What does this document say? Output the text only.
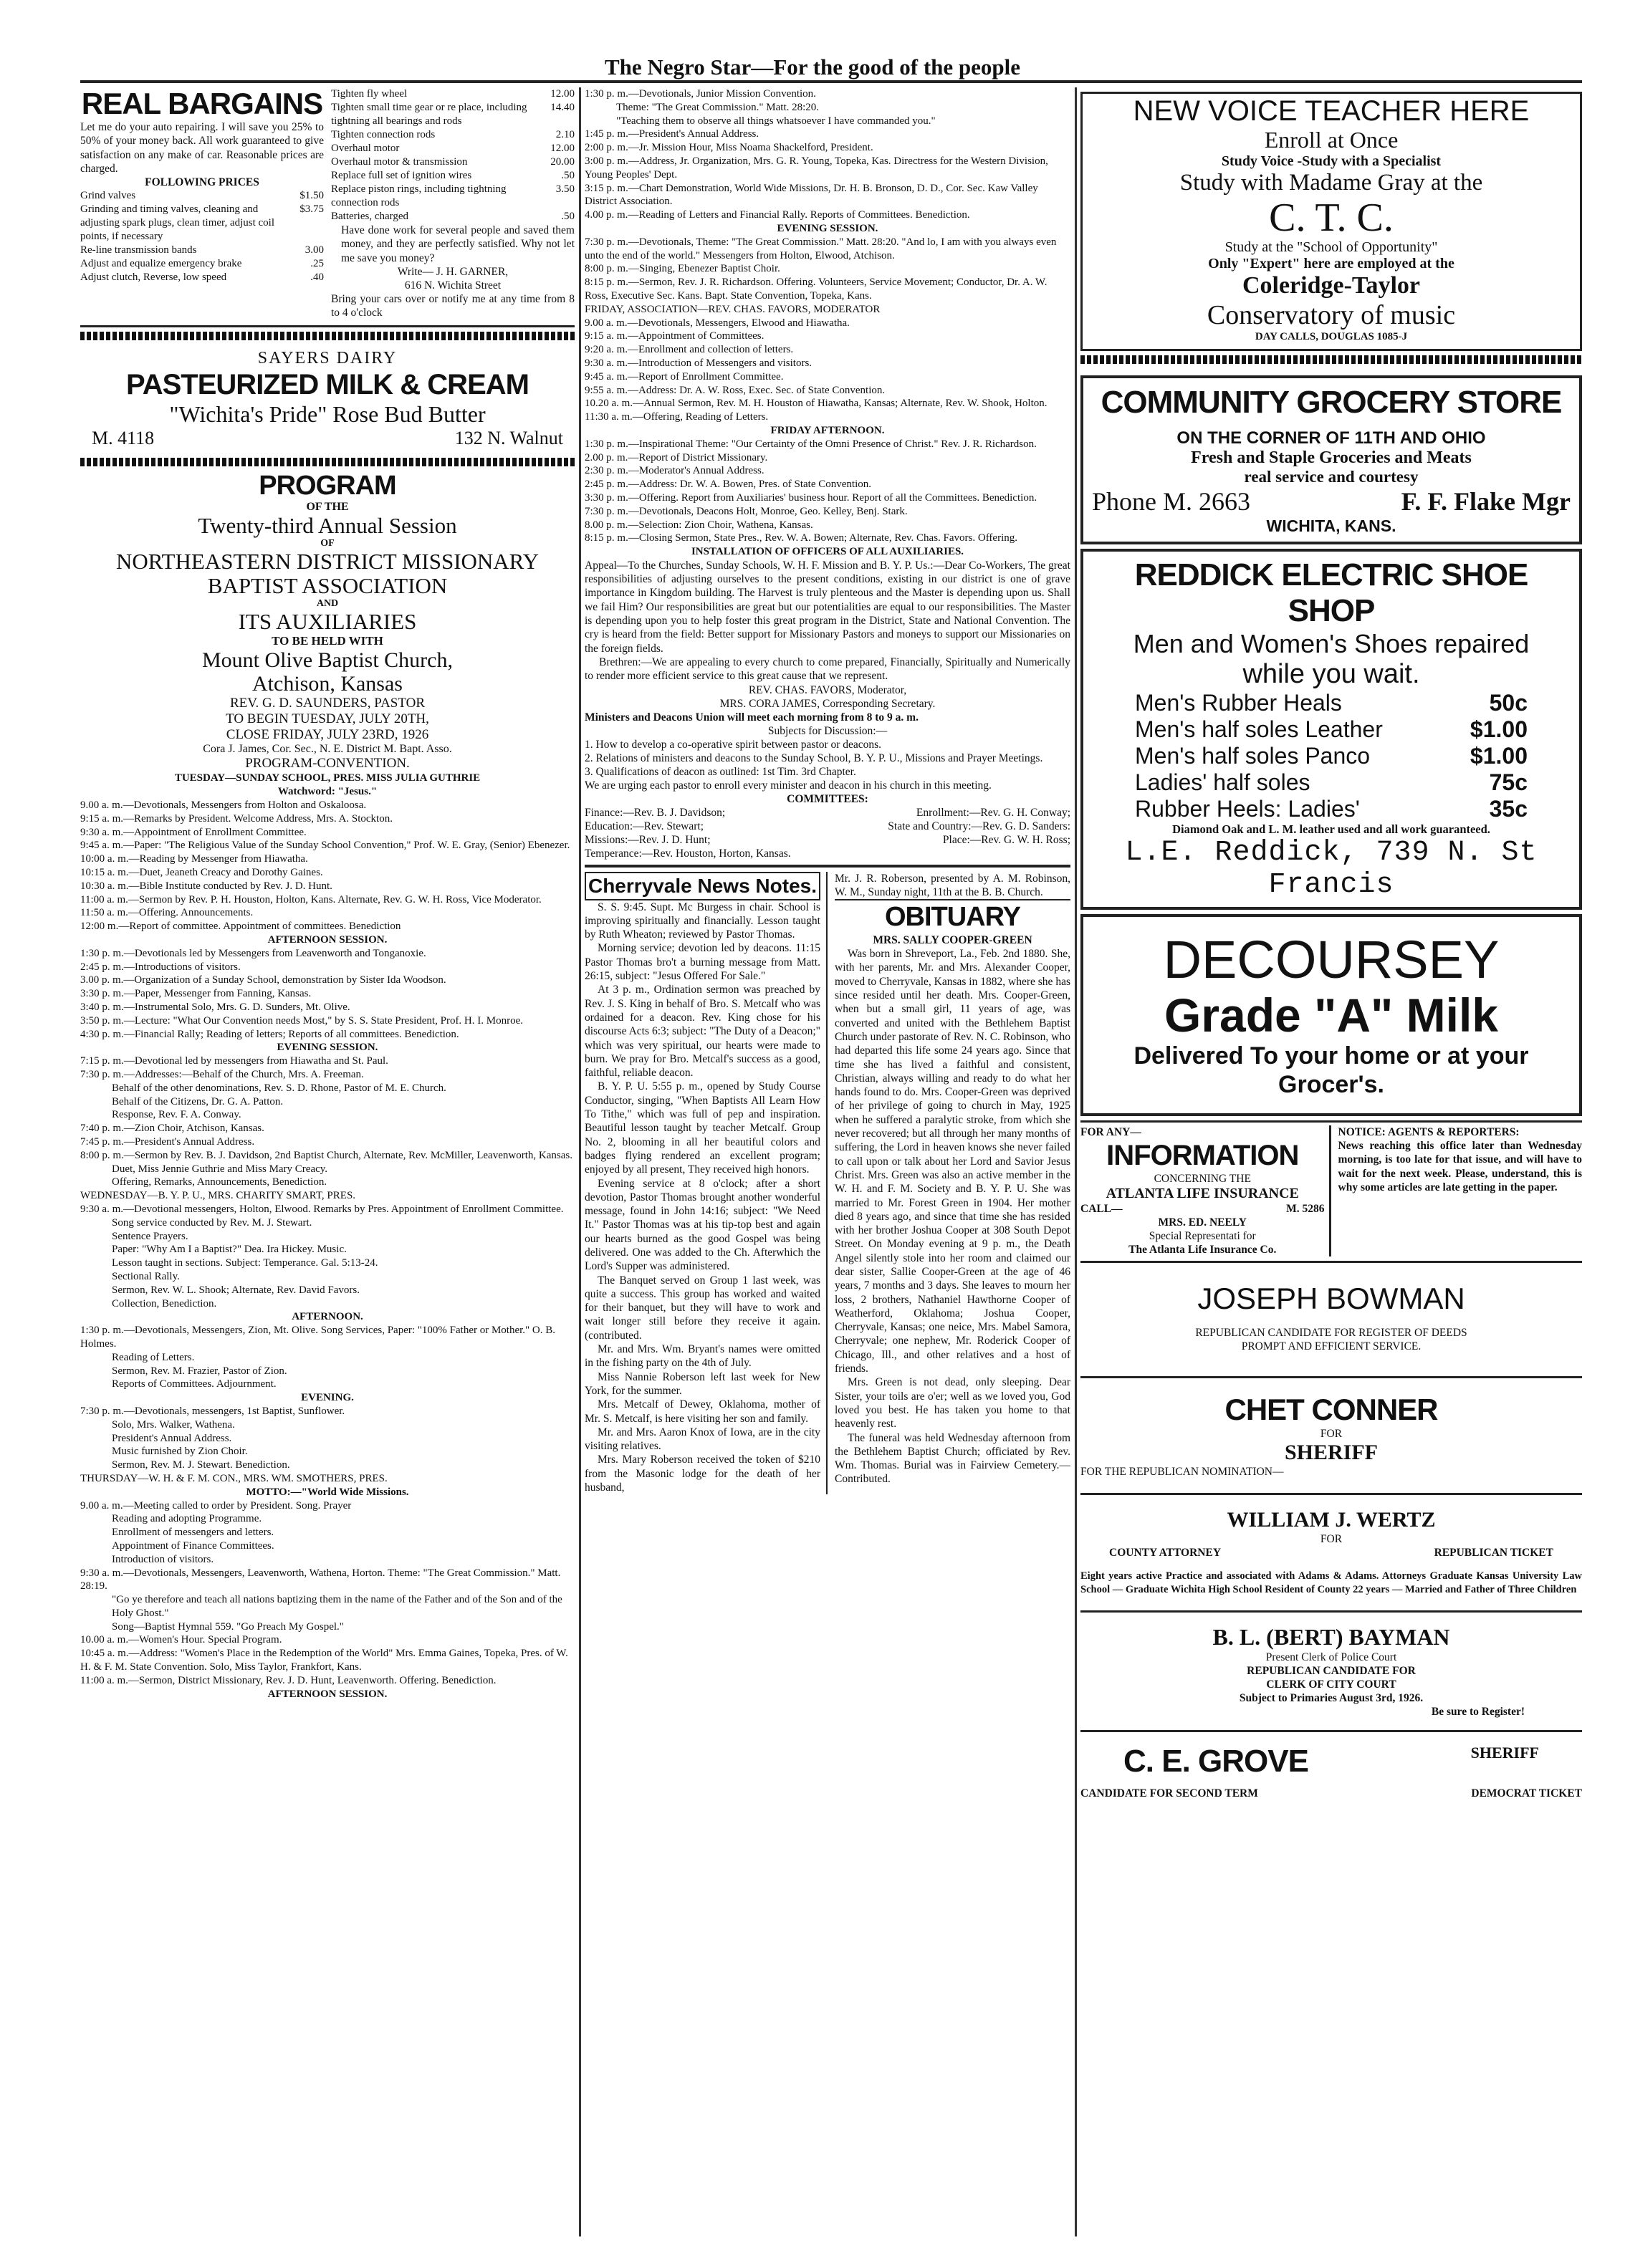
The Negro Star—For the good of the people
REAL BARGAINS

Let me do your auto repairing. I will save you 25% to 50% of your money back. All work guaranteed to give satisfaction on any make of car. Reasonable prices are charged.

FOLLOWING PRICES
Grind valves	$1.50
Grinding and timing valves, cleaning and adjusting spark plugs, clean timer, adjust coil points, if necessary
$3.75
Re-line transmission bands	3.00
Adjust and equalize emergency brake	.25
Adjust clutch, Reverse, low speed	.40
Tighten fly wheel	12.00
Tighten small time gear or re place, including tightning all bearings and rods
14.40
Tighten connection rods	2.10
Overhaul motor	12.00
Overhaul motor & transmission	20.00
Replace full set of ignition wires	.50
Replace piston rings, including tightning connection rods
3.50
Batteries, charged	.50

Have done work for several people and saved them money, and they are perfectly satisfied. Why not let me save you money?

Write— J. H. GARNER,
616 N. Wichita Street

Bring your cars over or notify me at any time from 8 to 4 o'clock

SAYERS DAIRY
PASTEURIZED MILK & CREAM
"Wichita's Pride" Rose Bud Butter
M. 4118	132 N. Walnut
PROGRAM
OF THE
Twenty-third Annual Session
OF
NORTHEASTERN DISTRICT MISSIONARY BAPTIST ASSOCIATION
AND
ITS AUXILIARIES
TO BE HELD WITH
Mount Olive Baptist Church,
Atchison, Kansas
REV. G. D. SAUNDERS, PASTOR
TO BEGIN TUESDAY, JULY 20TH,
CLOSE FRIDAY, JULY 23RD, 1926
Cora J. James, Cor. Sec., N. E. District M. Bapt. Asso.
PROGRAM-CONVENTION.

TUESDAY—SUNDAY SCHOOL, PRES. MISS JULIA GUTHRIE

Watchword: "Jesus."

9.00 a. m.—Devotionals, Messengers from Holton and Oskaloosa.

9:15 a. m.—Remarks by President. Welcome Address, Mrs. A. Stockton.

9:30 a. m.—Appointment of Enrollment Committee.

9:45 a. m.—Paper: "The Religious Value of the Sunday School Convention," Prof. W. E. Gray, (Senior) Ebenezer.

10:00 a. m.—Reading by Messenger from Hiawatha.

10:15 a. m.—Duet, Jeaneth Creacy and Dorothy Gaines.

10:30 a. m.—Bible Institute conducted by Rev. J. D. Hunt.

11:00 a. m.—Sermon by Rev. P. H. Houston, Holton, Kans. Alternate, Rev. G. W. H. Ross, Vice Moderator.

11:50 a. m.—Offering. Announcements.

12:00 m.—Report of committee. Appointment of committees. Benediction

AFTERNOON SESSION.

1:30 p. m.—Devotionals led by Messengers from Leavenworth and Tonganoxie.

2:45 p. m.—Introductions of visitors.

3.00 p. m.—Organization of a Sunday School, demonstration by Sister Ida Woodson.

3:30 p. m.—Paper, Messenger from Fanning, Kansas.

3:40 p. m.—Instrumental Solo, Mrs. G. D. Sunders, Mt. Olive.

3:50 p. m.—Lecture: "What Our Convention needs Most," by S. S. State President, Prof. H. I. Monroe.

4:30 p. m.—Financial Rally; Reading of letters; Reports of all committees. Benediction.

EVENING SESSION.

7:15 p. m.—Devotional led by messengers from Hiawatha and St. Paul.

7:30 p. m.—Addresses:—Behalf of the Church, Mrs. A. Freeman.

Behalf of the other denominations, Rev. S. D. Rhone, Pastor of M. E. Church.

Behalf of the Citizens, Dr. G. A. Patton.

Response, Rev. F. A. Conway.

7:40 p. m.—Zion Choir, Atchison, Kansas.

7:45 p. m.—President's Annual Address.

8:00 p. m.—Sermon by Rev. B. J. Davidson, 2nd Baptist Church, Alternate, Rev. McMiller, Leavenworth, Kansas.

Duet, Miss Jennie Guthrie and Miss Mary Creacy.

Offering, Remarks, Announcements, Benediction.

WEDNESDAY—B. Y. P. U., MRS. CHARITY SMART, PRES.

9:30 a. m.—Devotional messengers, Holton, Elwood. Remarks by Pres. Appointment of Enrollment Committee.

Song service conducted by Rev. M. J. Stewart.

Sentence Prayers.

Paper: "Why Am I a Baptist?" Dea. Ira Hickey. Music.

Lesson taught in sections. Subject: Temperance. Gal. 5:13-24.

Sectional Rally.

Sermon, Rev. W. L. Shook; Alternate, Rev. David Favors.

Collection, Benediction.

AFTERNOON.

1:30 p. m.—Devotionals, Messengers, Zion, Mt. Olive. Song Services, Paper: "100% Father or Mother." O. B. Holmes.

Reading of Letters.

Sermon, Rev. M. Frazier, Pastor of Zion.

Reports of Committees. Adjournment.

EVENING.

7:30 p. m.—Devotionals, messengers, 1st Baptist, Sunflower.

Solo, Mrs. Walker, Wathena.

President's Annual Address.

Music furnished by Zion Choir.

Sermon, Rev. M. J. Stewart. Benediction.

THURSDAY—W. H. & F. M. CON., MRS. WM. SMOTHERS, PRES.

MOTTO:—"World Wide Missions.

9.00 a. m.—Meeting called to order by President. Song. Prayer

Reading and adopting Programme.

Enrollment of messengers and letters.

Appointment of Finance Committees.

Introduction of visitors.

9:30 a. m.—Devotionals, Messengers, Leavenworth, Wathena, Horton. Theme: "The Great Commission." Matt. 28:19.

"Go ye therefore and teach all nations baptizing them in the name of the Father and of the Son and of the Holy Ghost."

Song—Baptist Hymnal 559. "Go Preach My Gospel."

10.00 a. m.—Women's Hour. Special Program.

10:45 a. m.—Address: "Women's Place in the Redemption of the World" Mrs. Emma Gaines, Topeka, Pres. of W. H. & F. M. State Convention. Solo, Miss Taylor, Frankfort, Kans.

11:00 a. m.—Sermon, District Missionary, Rev. J. D. Hunt, Leavenworth. Offering. Benediction.

AFTERNOON SESSION.

1:30 p. m.—Devotionals, Junior Mission Convention.

Theme: "The Great Commission." Matt. 28:20.

"Teaching them to observe all things whatsoever I have commanded you."

1:45 p. m.—President's Annual Address.

2:00 p. m.—Jr. Mission Hour, Miss Noama Shackelford, President.

3:00 p. m.—Address, Jr. Organization, Mrs. G. R. Young, Topeka, Kas. Directress for the Western Division, Young Peoples' Dept.

3:15 p. m.—Chart Demonstration, World Wide Missions, Dr. H. B. Bronson, D. D., Cor. Sec. Kaw Valley District Association.

4.00 p. m.—Reading of Letters and Financial Rally. Reports of Committees. Benediction.

EVENING SESSION.

7:30 p. m.—Devotionals, Theme: "The Great Commission." Matt. 28:20. "And lo, I am with you always even unto the end of the world." Messengers from Holton, Elwood, Atchison.

8:00 p. m.—Singing, Ebenezer Baptist Choir.

8:15 p. m.—Sermon, Rev. J. R. Richardson. Offering. Volunteers, Service Movement; Conductor, Dr. A. W. Ross, Executive Sec. Kans. Bapt. State Convention, Topeka, Kans.

FRIDAY, ASSOCIATION—REV. CHAS. FAVORS, MODERATOR

9.00 a. m.—Devotionals, Messengers, Elwood and Hiawatha.

9:15 a. m.—Appointment of Committees.

9:20 a. m.—Enrollment and collection of letters.

9:30 a. m.—Introduction of Messengers and visitors.

9:45 a. m.—Report of Enrollment Committee.

9:55 a. m.—Address: Dr. A. W. Ross, Exec. Sec. of State Convention.

10.20 a. m.—Annual Sermon, Rev. M. H. Houston of Hiawatha, Kansas; Alternate, Rev. W. Shook, Holton.

11:30 a. m.—Offering, Reading of Letters.

FRIDAY AFTERNOON.

1:30 p. m.—Inspirational Theme: "Our Certainty of the Omni Presence of Christ." Rev. J. R. Richardson.

2.00 p. m.—Report of District Missionary.

2:30 p. m.—Moderator's Annual Address.

2:45 p. m.—Address: Dr. W. A. Bowen, Pres. of State Convention.

3:30 p. m.—Offering. Report from Auxiliaries' business hour. Report of all the Committees. Benediction.

7:30 p. m.—Devotionals, Deacons Holt, Monroe, Geo. Kelley, Benj. Stark.

8.00 p. m.—Selection: Zion Choir, Wathena, Kansas.

8:15 p. m.—Closing Sermon, State Pres., Rev. W. A. Bowen; Alternate, Rev. Chas. Favors. Offering.

INSTALLATION OF OFFICERS OF ALL AUXILIARIES.

Appeal—To the Churches, Sunday Schools, W. H. F. Mission and B. Y. P. Us.:—Dear Co-Workers, The great responsibilities of adjusting ourselves to the present conditions, existing in our district is one of grave importance in Kingdom building. The Harvest is truly plenteous and the Master is depending upon us. Shall we fail Him? Our responsibilities are great but our potentialities are equal to our responsibilities. The Master is depending upon you to help foster this great program in the District, State and National Convention. The cry is heard from the field: Better support for Missionary Pastors and moneys to support our Missionaries on the foreign fields.

Brethren:—We are appealing to every church to come prepared, Financially, Spiritually and Numerically to render more efficient service to this great cause that we represent.

REV. CHAS. FAVORS, Moderator,
MRS. CORA JAMES, Corresponding Secretary.
Ministers and Deacons Union will meet each morning from 8 to 9 a. m.
Subjects for Discussion:—
1. How to develop a co-operative spirit between pastor or deacons.
2. Relations of ministers and deacons to the Sunday School, B. Y. P. U., Missions and Prayer Meetings.
3. Qualifications of deacon as outlined: 1st Tim. 3rd Chapter.
We are urging each pastor to enroll every minister and deacon in his church in this meeting.
COMMITTEES:
Finance:—Rev. B. J. Davidson;	Enrollment:—Rev. G. H. Conway;
Education:—Rev. Stewart;	State and Country:—Rev. G. D. Sanders:
Missions:—Rev. J. D. Hunt;	Place:—Rev. G. W. H. Ross;
Temperance:—Rev. Houston, Horton, Kansas.
Cherryvale News Notes.

S. S. 9:45. Supt. Mc Burgess in chair. School is improving spiritually and financially. Lesson taught by Ruth Wheaton; reviewed by Pastor Thomas.

Morning service; devotion led by deacons. 11:15 Pastor Thomas bro't a burning message from Matt. 26:15, subject: "Jesus Offered For Sale."

At 3 p. m., Ordination sermon was preached by Rev. J. S. King in behalf of Bro. S. Metcalf who was ordained for a deacon. Rev. King chose for his discourse Acts 6:3; subject: "The Duty of a Deacon;" which was very spiritual, our hearts were made to burn. We pray for Bro. Metcalf's success as a good, faithful, reliable deacon.

B. Y. P. U. 5:55 p. m., opened by Study Course Conductor, singing, "When Baptists All Learn How To Tithe," which was full of pep and inspiration. Beautiful lesson taught by teacher Metcalf. Group No. 2, blooming in all her beautiful colors and badges flying rendered an excellent program; enjoyed by all present, They received high honors.

Evening service at 8 o'clock; after a short devotion, Pastor Thomas brought another wonderful message, found in John 14:16; subject: "We Need It." Pastor Thomas was at his tip-top best and again our hearts burned as the good Gospel was being delivered. One was added to the Ch. Afterwhich the Lord's Supper was administered.

The Banquet served on Group 1 last week, was quite a success. This group has worked and waited for their banquet, but they will have to work and wait longer still before they receive it again. (contributed.

Mr. and Mrs. Wm. Bryant's names were omitted in the fishing party on the 4th of July.

Miss Nannie Roberson left last week for New York, for the summer.

Mrs. Metcalf of Dewey, Oklahoma, mother of Mr. S. Metcalf, is here visiting her son and family.

Mr. and Mrs. Aaron Knox of Iowa, are in the city visiting relatives.

Mrs. Mary Roberson received the token of $210 from the Masonic lodge for the death of her husband,

Mr. J. R. Roberson, presented by A. M. Robinson, W. M., Sunday night, 11th at the B. B. Church.

OBITUARY
MRS. SALLY COOPER-GREEN

Was born in Shreveport, La., Feb. 2nd 1880. She, with her parents, Mr. and Mrs. Alexander Cooper, moved to Cherryvale, Kansas in 1882, where she has since resided until her death. Mrs. Cooper-Green, when but a small girl, 11 years of age, was converted and united with the Bethlehem Baptist Church under pastorate of Rev. N. C. Robinson, who had departed this life some 24 years ago. Since that time she has lived a faithful and consistent, Christian, always willing and ready to do what her hands found to do. Mrs. Cooper-Green was deprived of her privilege of going to church in May, 1925 when he suffered a paralytic stroke, from which she never recovered; but all through her many months of suffering, the Lord in heaven knows she never failed to call upon or talk about her Lord and Savior Jesus Christ. Mrs. Green was also an active member in the W. H. and F. M. Society and B. Y. P. U. She was married to Mr. Forest Green in 1904. Her mother died 8 years ago, and since that time she has resided with her brother Joshua Cooper at 308 South Depot Street. On Monday evening at 9 p. m., the Death Angel silently stole into her room and claimed our dear sister, Sallie Cooper-Green at the age of 46 years, 7 months and 3 days. She leaves to mourn her loss, 2 brothers, Nathaniel Hawthorne Cooper of Weatherford, Oklahoma; Joshua Cooper, Cherryvale, Kansas; one neice, Mrs. Mabel Samora, Cherryvale; one nephew, Mr. Roderick Cooper of Chicago, Ill., and other relatives and a host of friends.

Mrs. Green is not dead, only sleeping. Dear Sister, your toils are o'er; well as we loved you, God loved you best. He has taken you home to that heavenly rest.

The funeral was held Wednesday afternoon from the Bethlehem Baptist Church; officiated by Rev. Wm. Thomas. Burial was in Fairview Cemetery.—Contributed.

NEW VOICE TEACHER HERE
Enroll at Once
Study Voice -Study with a Specialist
Study with Madame Gray at the
C. T. C.
Study at the "School of Opportunity"
Only "Expert" here are employed at the
Coleridge-Taylor
Conservatory of music
DAY CALLS, DOUGLAS 1085-J
COMMUNITY GROCERY STORE
ON THE CORNER OF 11TH AND OHIO
Fresh and Staple Groceries and Meats
real service and courtesy
Phone M. 2663	F. F. Flake Mgr
WICHITA, KANS.
REDDICK ELECTRIC SHOE SHOP
Men and Women's Shoes repaired
while you wait.
Men's Rubber Heals	50c
Men's half soles Leather	$1.00
Men's half soles Panco	$1.00
Ladies' half soles	75c
Rubber Heels: Ladies'	35c
Diamond Oak and L. M. leather used and all work guaranteed.
L.E. Reddick, 739 N. St Francis
DECOURSEY
Grade "A" Milk
Delivered To your home or at your Grocer's.
FOR ANY—
INFORMATION
CONCERNING THE
ATLANTA LIFE INSURANCE
CALL—	M. 5286
MRS. ED. NEELY
Special Representati for
The Atlanta Life Insurance Co.
NOTICE: AGENTS & REPORTERS:

News reaching this office later than Wednesday morning, is too late for that issue, and will have to wait for the next week. Please, understand, this is why some articles are late getting in the paper.

JOSEPH BOWMAN
REPUBLICAN CANDIDATE FOR REGISTER OF DEEDS
PROMPT AND EFFICIENT SERVICE.
CHET CONNER
FOR
SHERIFF
FOR THE REPUBLICAN NOMINATION—
WILLIAM J. WERTZ
FOR
COUNTY ATTORNEY	REPUBLICAN TICKET

Eight years active Practice and associated with Adams & Adams. Attorneys Graduate Kansas University Law School — Graduate Wichita High School Resident of County 22 years — Married and Father of Three Children

B. L. (BERT) BAYMAN
Present Clerk of Police Court
REPUBLICAN CANDIDATE FOR
CLERK OF CITY COURT
Subject to Primaries August 3rd, 1926.
Be sure to Register!
C. E. GROVE	SHERIFF
CANDIDATE FOR SECOND TERM	DEMOCRAT TICKET
